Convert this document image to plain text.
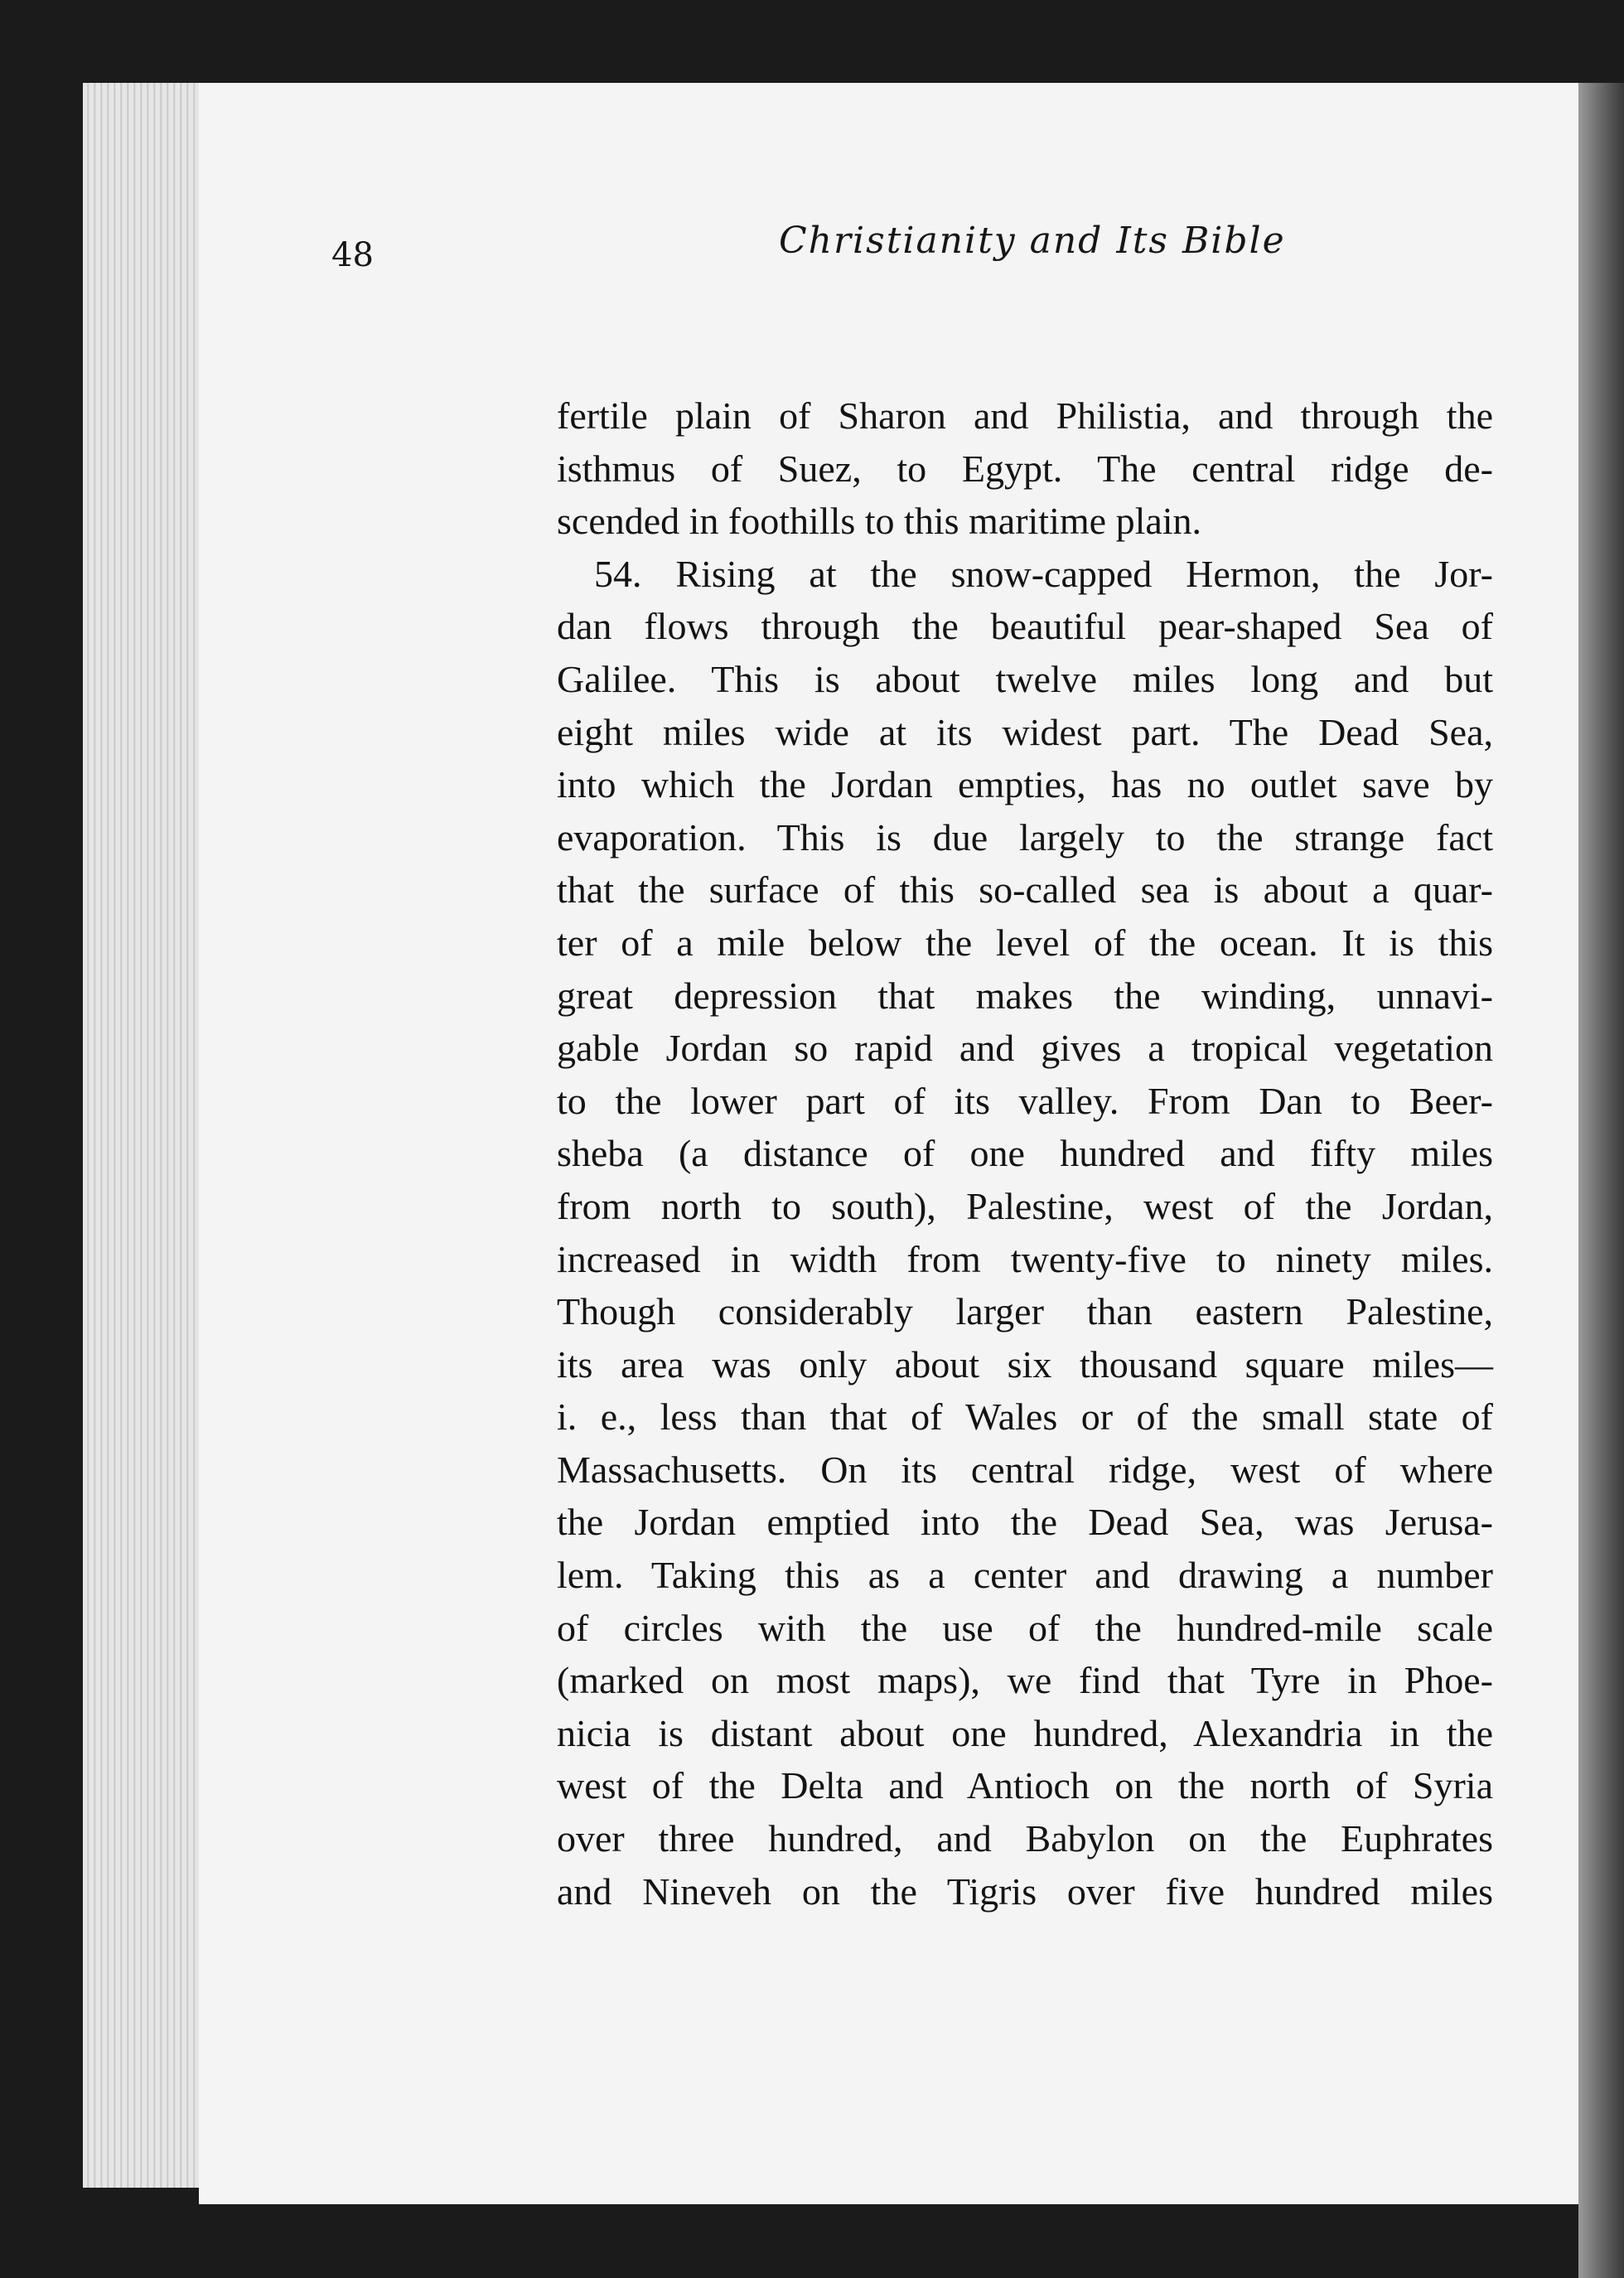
48	Christianity and Its Bible
fertile plain of Sharon and Philistia, and through the
isthmus of Suez, to Egypt. The central ridge de-
scended in foothills to this maritime plain.
54. Rising at the snow-capped Hermon, the Jor-
dan flows through the beautiful pear-shaped Sea of
Galilee. This is about twelve miles long and but
eight miles wide at its widest part. The Dead Sea,
into which the Jordan empties, has no outlet save by
evaporation. This is due largely to the strange fact
that the surface of this so-called sea is about a quar-
ter of a mile below the level of the ocean. It is this
great depression that makes the winding, unnavi-
gable Jordan so rapid and gives a tropical vegetation
to the lower part of its valley. From Dan to Beer-
sheba (a distance of one hundred and fifty miles
from north to south), Palestine, west of the Jordan,
increased in width from twenty-five to ninety miles.
Though considerably larger than eastern Palestine,
its area was only about six thousand square miles—
i. e., less than that of Wales or of the small state of
Massachusetts. On its central ridge, west of where
the Jordan emptied into the Dead Sea, was Jerusa-
lem. Taking this as a center and drawing a number
of circles with the use of the hundred-mile scale
(marked on most maps), we find that Tyre in Phoe-
nicia is distant about one hundred, Alexandria in the
west of the Delta and Antioch on the north of Syria
over three hundred, and Babylon on the Euphrates
and Nineveh on the Tigris over five hundred miles
